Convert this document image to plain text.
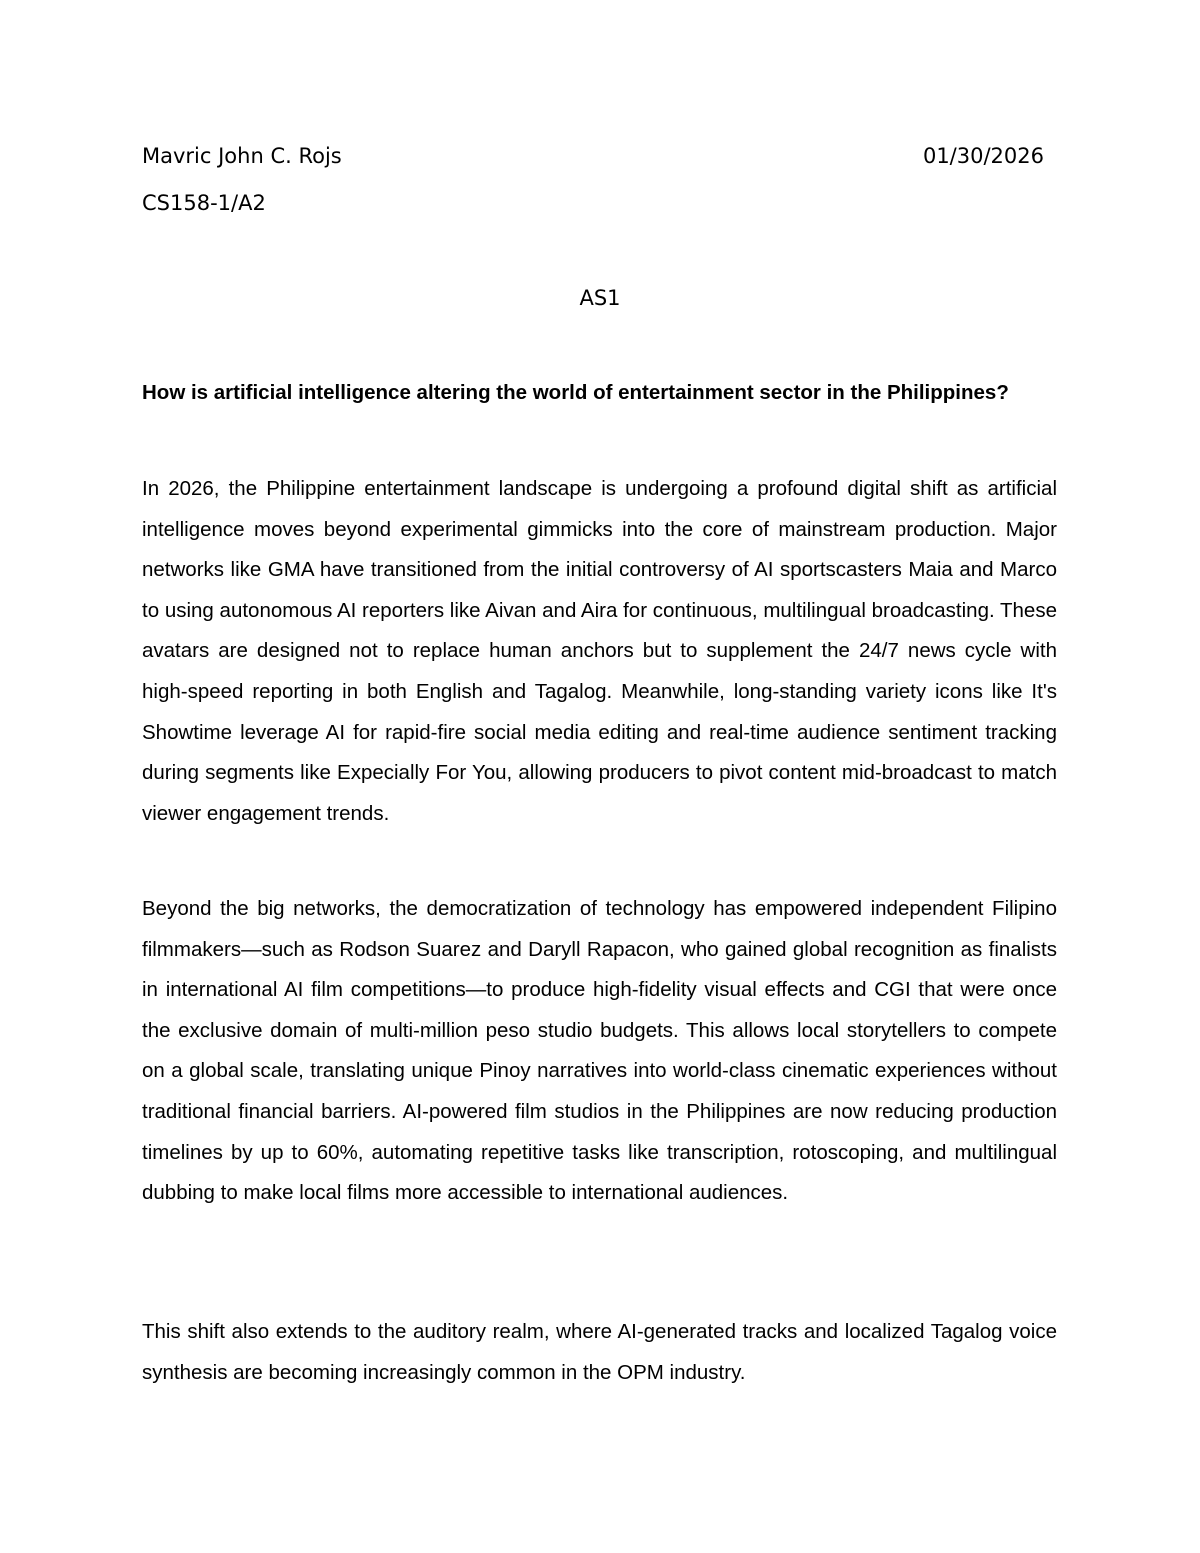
Mavric John C. Rojs	01/30/2026
CS158-1/A2
AS1

How is artificial intelligence altering the world of entertainment sector in the Philippines?

In 2026, the Philippine entertainment landscape is undergoing a profound digital shift as artificial intelligence moves beyond experimental gimmicks into the core of mainstream production. Major networks like GMA have transitioned from the initial controversy of AI sportscasters Maia and Marco to using autonomous AI reporters like Aivan and Aira for continuous, multilingual broadcasting. These avatars are designed not to replace human anchors but to supplement the 24/7 news cycle with high-speed reporting in both English and Tagalog. Meanwhile, long-standing variety icons like It's Showtime leverage AI for rapid-fire social media editing and real-time audience sentiment tracking during segments like Expecially For You, allowing producers to pivot content mid-broadcast to match viewer engagement trends.

Beyond the big networks, the democratization of technology has empowered independent Filipino filmmakers—such as Rodson Suarez and Daryll Rapacon, who gained global recognition as finalists in international AI film competitions—to produce high-fidelity visual effects and CGI that were once the exclusive domain of multi-million peso studio budgets. This allows local storytellers to compete on a global scale, translating unique Pinoy narratives into world-class cinematic experiences without traditional financial barriers. AI-powered film studios in the Philippines are now reducing production timelines by up to 60%, automating repetitive tasks like transcription, rotoscoping, and multilingual dubbing to make local films more accessible to international audiences.

This shift also extends to the auditory realm, where AI-generated tracks and localized Tagalog voice synthesis are becoming increasingly common in the OPM industry.
